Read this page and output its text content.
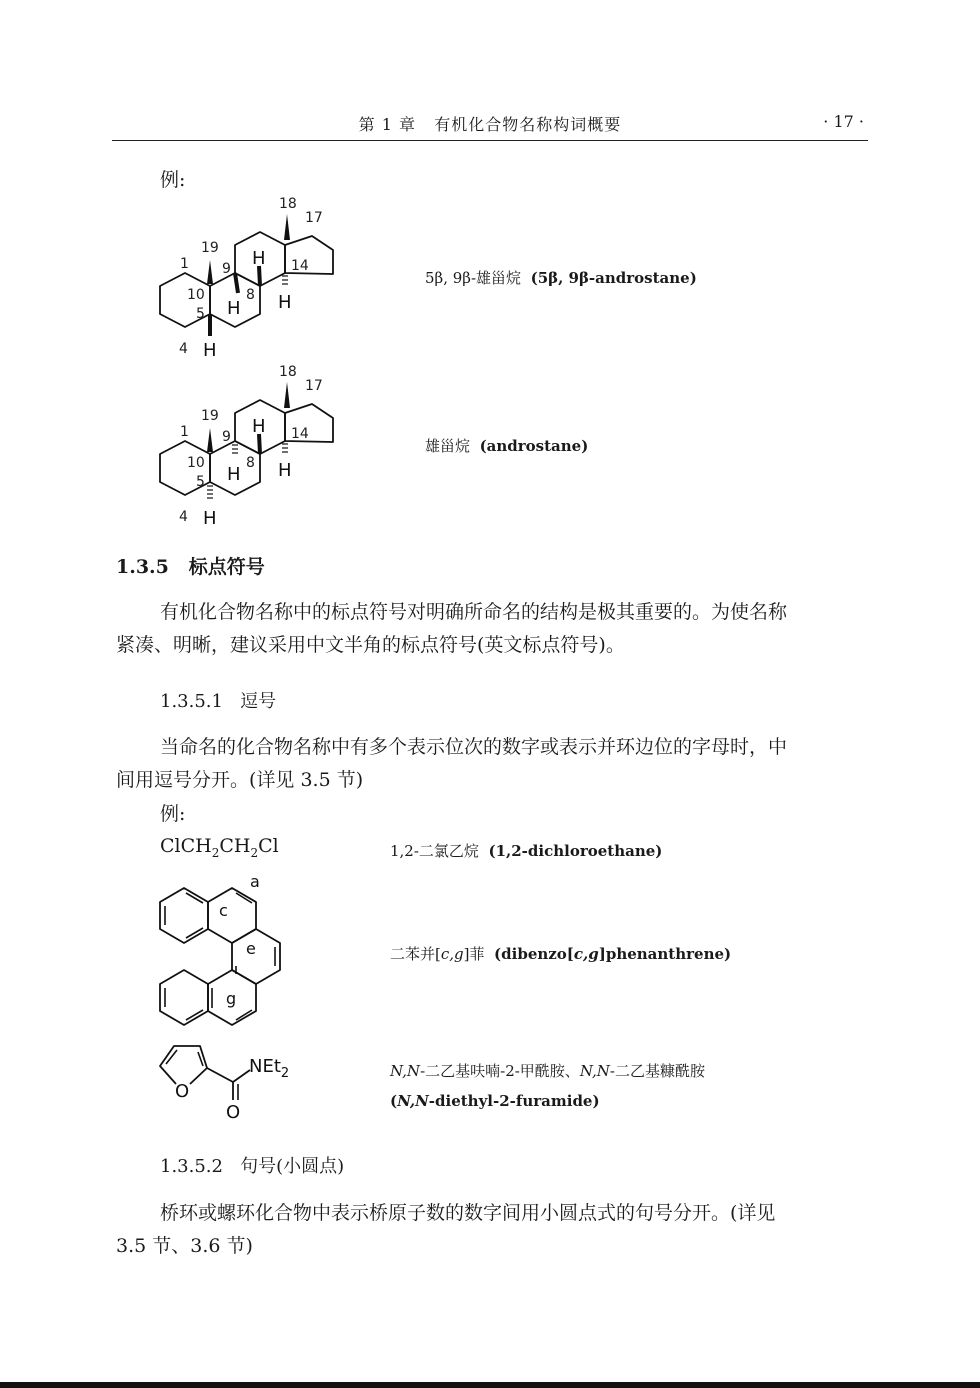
第 1 章 有机化合物名称构词概要	· 17 ·
例:
18
17
19
1 9	14
10	8
5
4
H
H H
H
5β, 9β-雄甾烷 (5β, 9β-androstane)
18
17
19
1 9	14
10	8
5
4
H
H H
H
雄甾烷 (androstane)
1.3.5 标点符号
有机化合物名称中的标点符号对明确所命名的结构是极其重要的。为使名称
紧凑、明晰，建议采用中文半角的标点符号(英文标点符号)。
1.3.5.1 逗号
当命名的化合物名称中有多个表示位次的数字或表示并环边位的字母时，中
间用逗号分开。(详见 3.5 节)
例:
$ClCH_2CH_2Cl$	1,2-二氯乙烷 (1,2-dichloroethane)
a
c
e
g
二苯并[c,g]菲 (dibenzo[c,g]phenanthrene)
O
O
NEt$_2$	N,N-二乙基呋喃-2-甲酰胺、N,N-二乙基糠酰胺
(N,N-diethyl-2-furamide)
1.3.5.2 句号(小圆点)
桥环或螺环化合物中表示桥原子数的数字间用小圆点式的句号分开。(详见
3.5 节、3.6 节)
